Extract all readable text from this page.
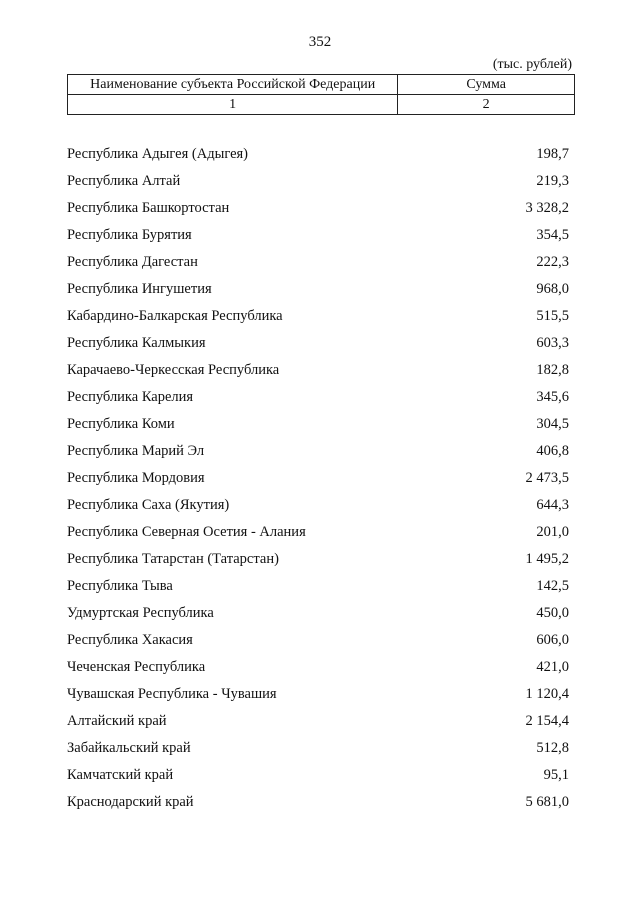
352
(тыс. рублей)
Наименование субъекта Российской Федерации	Сумма
1	2
Республика Адыгея (Адыгея)	198,7
Республика Алтай	219,3
Республика Башкортостан	3 328,2
Республика Бурятия	354,5
Республика Дагестан	222,3
Республика Ингушетия	968,0
Кабардино-Балкарская Республика	515,5
Республика Калмыкия	603,3
Карачаево-Черкесская Республика	182,8
Республика Карелия	345,6
Республика Коми	304,5
Республика Марий Эл	406,8
Республика Мордовия	2 473,5
Республика Саха (Якутия)	644,3
Республика Северная Осетия - Алания	201,0
Республика Татарстан (Татарстан)	1 495,2
Республика Тыва	142,5
Удмуртская Республика	450,0
Республика Хакасия	606,0
Чеченская Республика	421,0
Чувашская Республика - Чувашия	1 120,4
Алтайский край	2 154,4
Забайкальский край	512,8
Камчатский край	95,1
Краснодарский край	5 681,0
